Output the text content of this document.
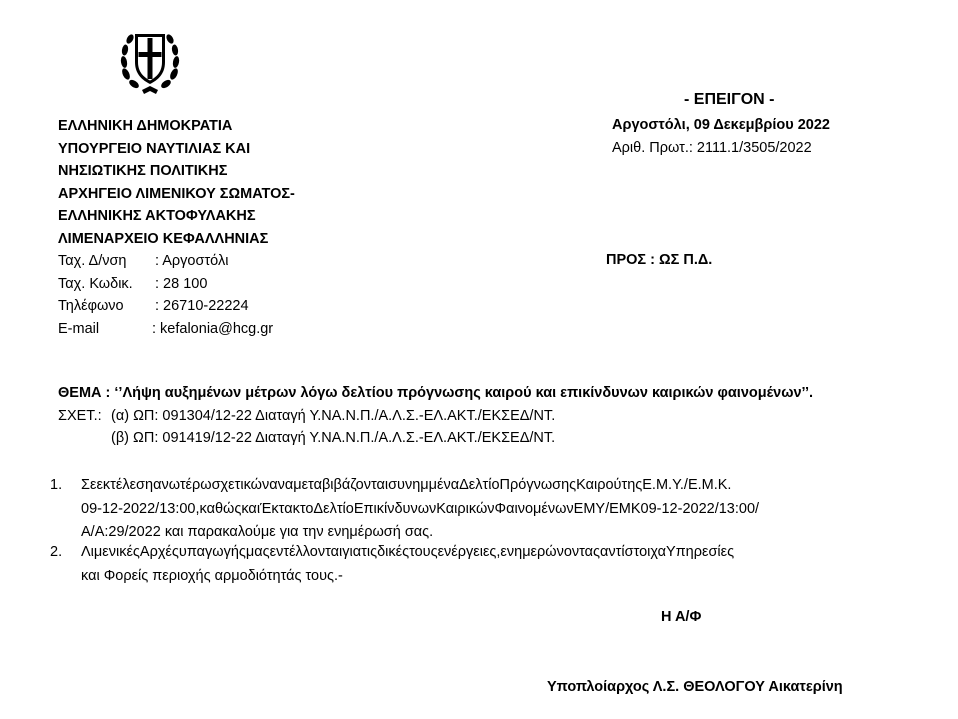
- ΕΠΕΙΓΟΝ -
Αργοστόλι, 09 Δεκεμβρίου 2022
Αριθ. Πρωτ.: 2111.1/3505/2022
ΕΛΛΗΝΙΚΗ ΔΗΜΟΚΡΑΤΙΑ
ΥΠΟΥΡΓΕΙΟ ΝΑΥΤΙΛΙΑΣ ΚΑΙ
ΝΗΣΙΩΤΙΚΗΣ ΠΟΛΙΤΙΚΗΣ
ΑΡΧΗΓΕΙΟ ΛΙΜΕΝΙΚΟΥ ΣΩΜΑΤΟΣ-
ΕΛΛΗΝΙΚΗΣ ΑΚΤΟΦΥΛΑΚΗΣ
ΛΙΜΕΝΑΡΧΕΙΟ ΚΕΦΑΛΛΗΝΙΑΣ
Ταχ. Δ/νση : Αργοστόλι
Ταχ. Κωδικ. : 28 100
Τηλέφωνο : 26710-22224
E-mail	: kefalonia@hcg.gr
ΠΡΟΣ : ΩΣ Π.Δ.
ΘΕΜΑ : ‘’Λήψη αυξημένων μέτρων λόγω δελτίου πρόγνωσης καιρού και επικίνδυνων καιρικών φαινομένων’’.
ΣΧΕΤ.: (α) ΩΠ: 091304/12-22 Διαταγή Υ.ΝΑ.Ν.Π./Α.Λ.Σ.-ΕΛ.ΑΚΤ./ΕΚΣΕΔ/ΝΤ.
(β) ΩΠ: 091419/12-22 Διαταγή Υ.ΝΑ.Ν.Π./Α.Λ.Σ.-ΕΛ.ΑΚΤ./ΕΚΣΕΔ/ΝΤ.
1. ΣεεκτέλεσηανωτέρωσχετικώναναμεταβιβάζονταισυνημμέναΔελτίοΠρόγνωσηςΚαιρούτηςΕ.Μ.Υ./Ε.Μ.Κ.
09-12-2022/13:00,καθώςκαιΈκτακτοΔελτίοΕπικίνδυνωνΚαιρικώνΦαινομένωνΕΜΥ/ΕΜΚ09-12-2022/13:00/
Α/Α:29/2022 και παρακαλούμε για την ενημέρωσή σας.
2. ΛιμενικέςΑρχέςυπαγωγήςμαςεντέλλονταιγιατιςδικέςτουςενέργειες,ενημερώνονταςαντίστοιχαΥπηρεσίες
και Φορείς περιοχής αρμοδιότητάς τους.-
Η Α/Φ
Υποπλοίαρχος Λ.Σ. ΘΕΟΛΟΓΟΥ Αικατερίνη
